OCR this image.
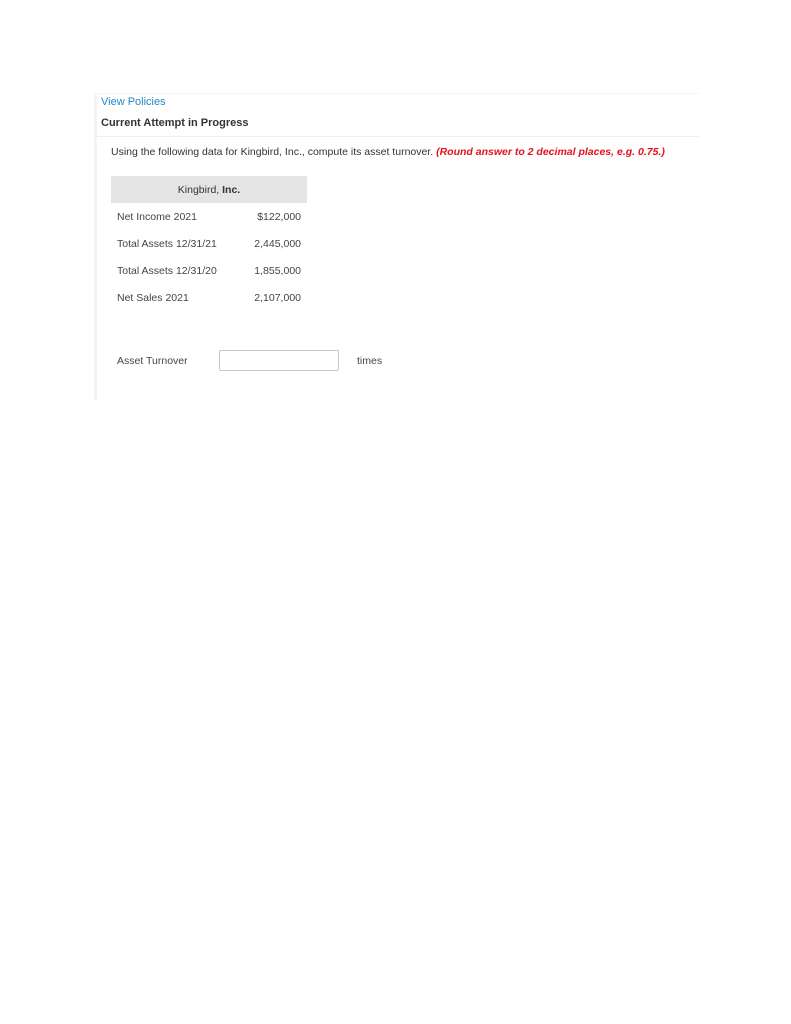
View Policies
Current Attempt in Progress
Using the following data for Kingbird, Inc., compute its asset turnover. (Round answer to 2 decimal places, e.g. 0.75.)
Kingbird, Inc.	
Net Income 2021	$122,000
Total Assets 12/31/21	2,445,000
Total Assets 12/31/20	1,855,000
Net Sales 2021	2,107,000
Asset Turnover	times
